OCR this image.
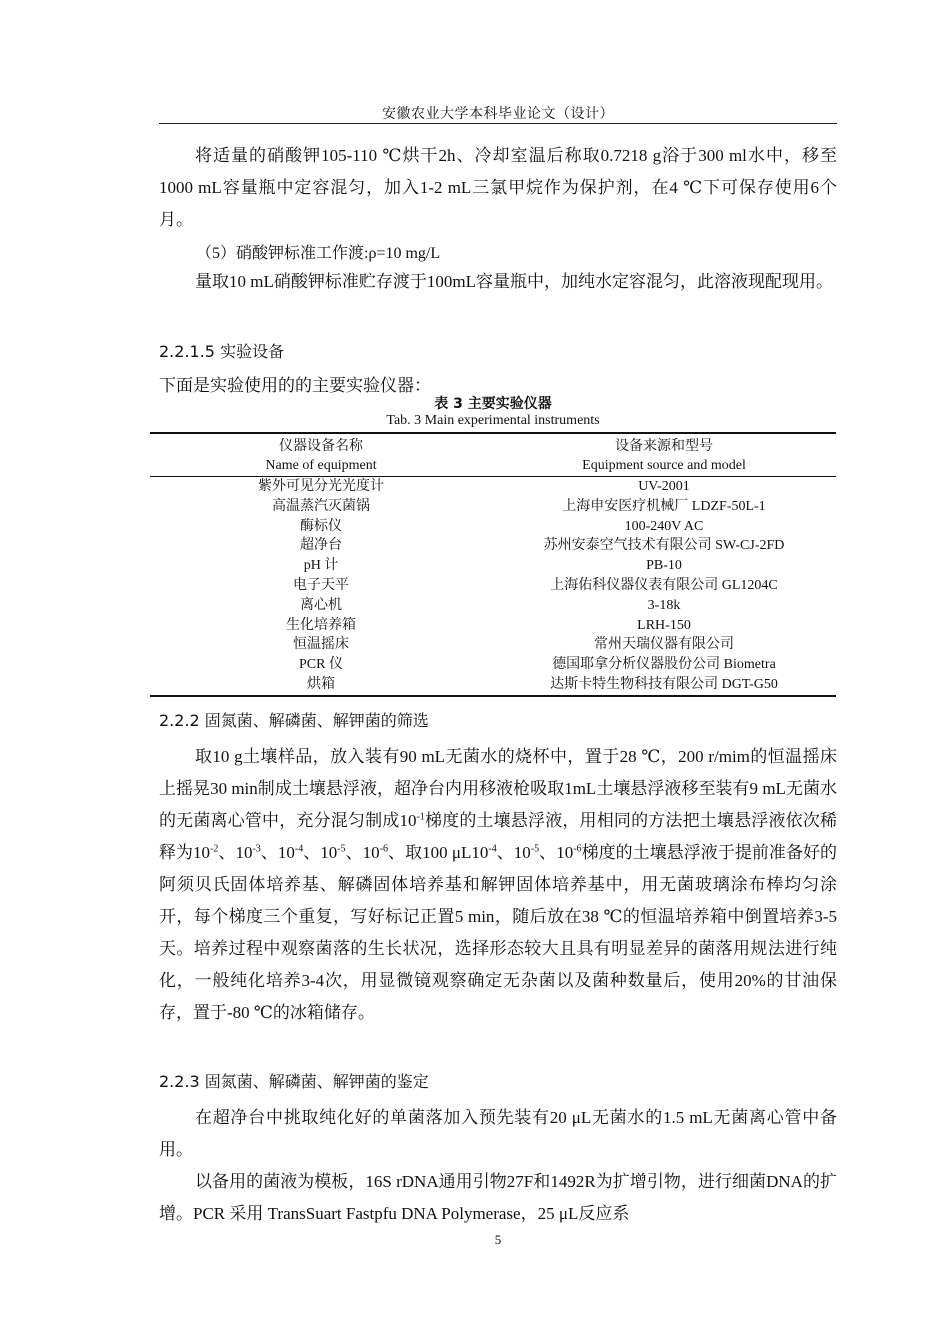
安徽农业大学本科毕业论文（设计）
将适量的硝酸钾105-110 ℃烘干2h、冷却室温后称取0.7218 g浴于300 ml水中，移至1000 mL容量瓶中定容混匀，加入1-2 mL三氯甲烷作为保护剂，在4 ℃下可保存使用6个月。
（5）硝酸钾标准工作渡:ρ=10 mg/L
量取10 mL硝酸钾标准贮存渡于100mL容量瓶中，加纯水定容混匀，此溶液现配现用。
2.2.1.5 实验设备
下面是实验使用的的主要实验仪器：
表 3 主要实验仪器
Tab. 3 Main experimental instruments
仪器设备名称	设备来源和型号
Name of equipment	Equipment source and model
紫外可见分光光度计	UV-2001
高温蒸汽灭菌锅	上海申安医疗机械厂 LDZF-50L-1
酶标仪	100-240V AC
超净台	苏州安泰空气技术有限公司 SW-CJ-2FD
pH 计	PB-10
电子天平	上海佑科仪器仪表有限公司 GL1204C
离心机	3-18k
生化培养箱	LRH-150
恒温摇床	常州天瑞仪器有限公司
PCR 仪	德国耶拿分析仪器股份公司 Biometra
烘箱	达斯卡特生物科技有限公司 DGT-G50
2.2.2 固氮菌、解磷菌、解钾菌的筛选
取10 g土壤样品，放入装有90 mL无菌水的烧杯中，置于28 ℃，200 r/mim的恒温摇床上摇晃30 min制成土壤悬浮液，超净台内用移液枪吸取1mL土壤悬浮液移至装有9 mL无菌水的无菌离心管中，充分混匀制成$10^{-1}$梯度的土壤悬浮液，用相同的方法把土壤悬浮液依次稀释为$10^{-2}$、$10^{-3}$、$10^{-4}$、$10^{-5}$、$10^{-6}$、取100 $\mu L10^{-4}$、$10^{-5}$、$10^{-6}$梯度的土壤悬浮液于提前准备好的阿须贝氏固体培养基、解磷固体培养基和解钾固体培养基中，用无菌玻璃涂布棒均匀涂开，每个梯度三个重复，写好标记正置5 min，随后放在38 ℃的恒温培养箱中倒置培养3-5天。培养过程中观察菌落的生长状况，选择形态较大且具有明显差异的菌落用规法进行纯化，一般纯化培养3-4次，用显微镜观察确定无杂菌以及菌种数量后，使用20%的甘油保存，置于-80 ℃的冰箱储存。
2.2.3 固氮菌、解磷菌、解钾菌的鉴定
在超净台中挑取纯化好的单菌落加入预先装有20 μL无菌水的1.5 mL无菌离心管中备用。
以备用的菌液为模板，16S rDNA通用引物27F和1492R为扩增引物，进行细菌DNA的扩增。PCR 采用 TransSuart Fastpfu DNA Polymerase，25 μL反应系
5
